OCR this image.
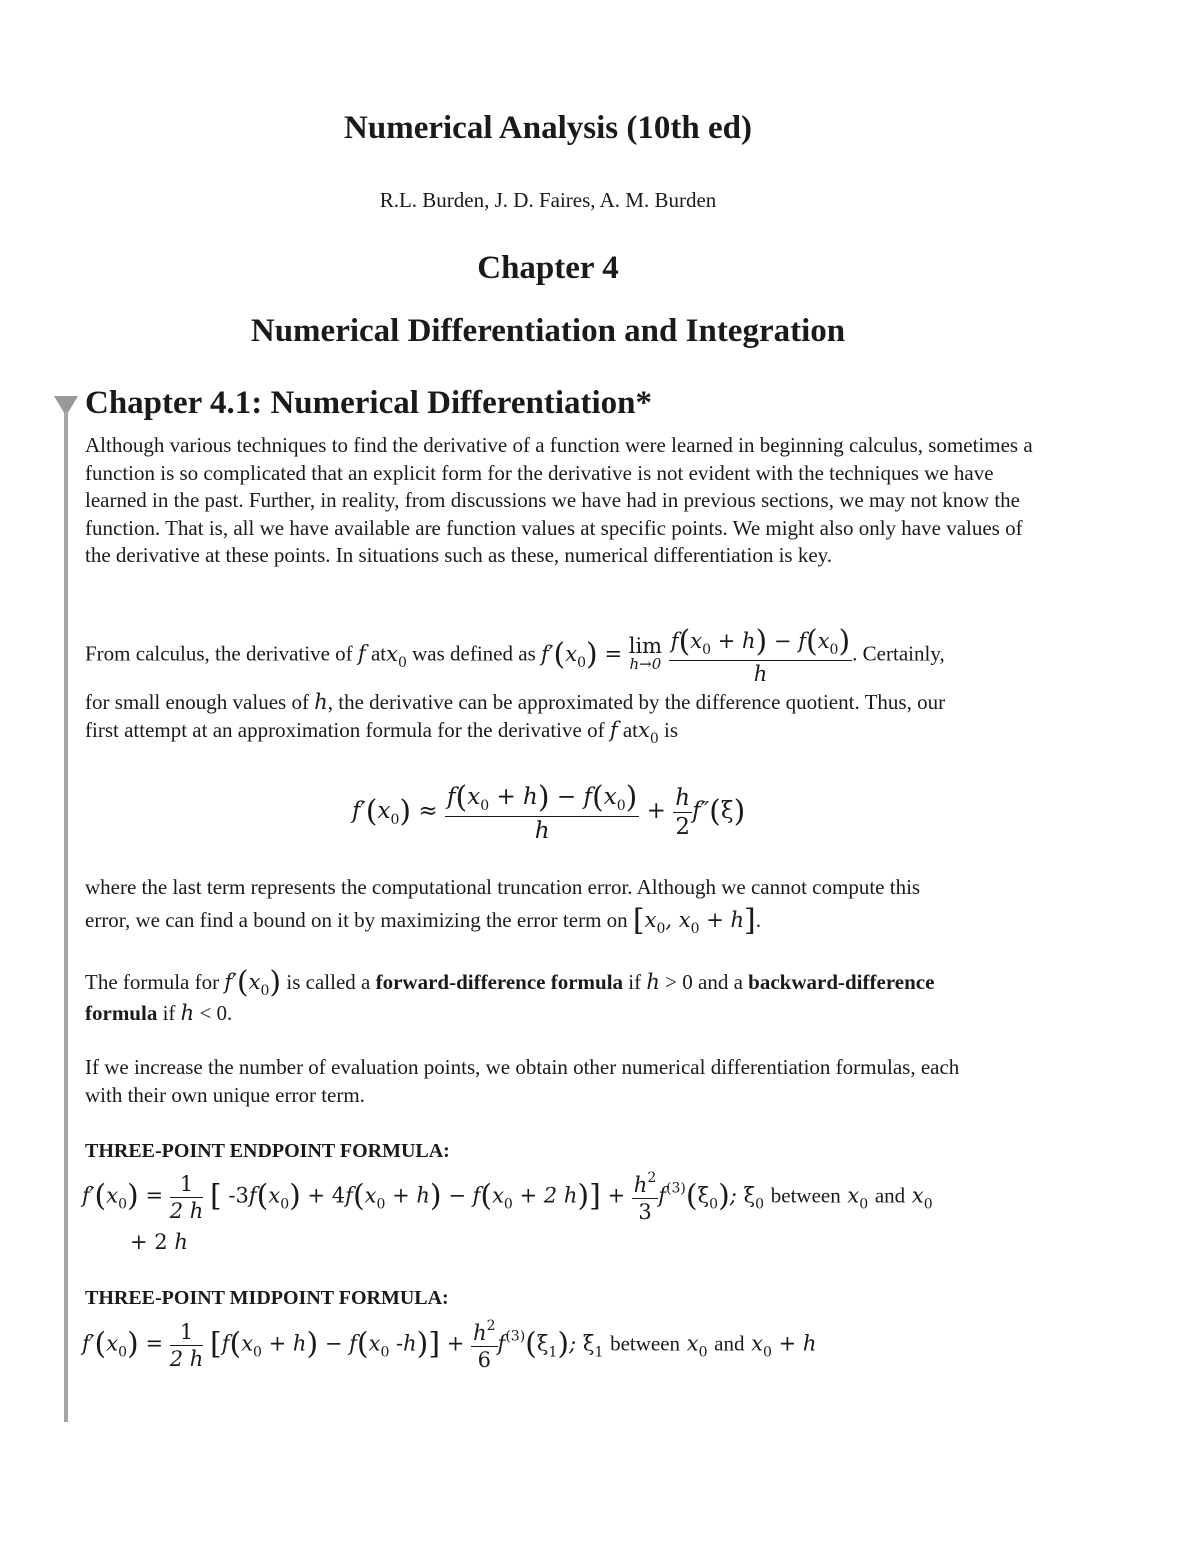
Numerical Analysis (10th ed)
R.L. Burden, J. D. Faires, A. M. Burden
Chapter 4
Numerical Differentiation and Integration
Chapter 4.1: Numerical Differentiation*
Although various techniques to find the derivative of a function were learned in beginning calculus, sometimes a function is so complicated that an explicit form for the derivative is not evident with the techniques we have learned in the past. Further, in reality, from discussions we have had in previous sections, we may not know the function. That is, all we have available are function values at specific points. We might also only have values of the derivative at these points. In situations such as these, numerical differentiation is key.
From calculus, the derivative of f atx$_0$ was defined as $f'(x_0) = \lim$
h→0
$\frac{f(x_0 + h) - f(x_0)}{h}$ . Certainly,
for small enough values of h, the derivative can be approximated by the difference quotient. Thus, our
first attempt at an approximation formula for the derivative of f atx$_0$ is
$f'(x_0) \approx \frac{f(x_0 + h) - f(x_0)}{h} + \frac{h}{2} f''(\xi)$
where the last term represents the computational truncation error. Although we cannot compute this
error, we can find a bound on it by maximizing the error term on [$x_0$, $x_0 + h$].
The formula for $f'(x_0)$ is called a forward-difference formula if h > 0 and a backward-difference
formula if h < 0.
If we increase the number of evaluation points, we obtain other numerical differentiation formulas, each
with their own unique error term.
THREE-POINT ENDPOINT FORMULA:
$f'(x_0) = \frac{1}{2 h}$ [ $-3f(x_0) + 4f(x_0 + h) - f(x_0 + 2$ $h)] + \frac{h^2}{3} f^{(3)}(\xi_0)$; $\xi_0$ between $x_0$ and $x_0$
+ 2 h
THREE-POINT MIDPOINT FORMULA:
$f'(x_0) = \frac{1}{2 h} [f(x_0 + h) - f(x_0$ $-h)] + \frac{h^2}{6} f^{(3)}(\xi_1)$; $\xi_1$ between $x_0$ and $x_0 + h$
